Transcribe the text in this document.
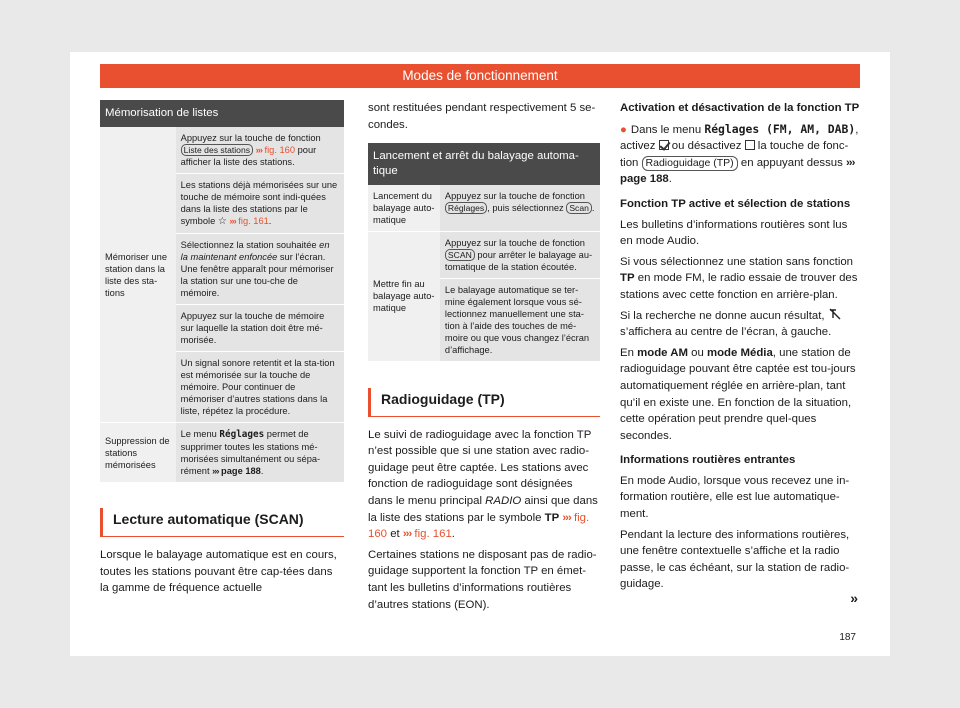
Modes de fonctionnement
Mémorisation de listes	
Mémoriser une station dans la liste des sta-tions	Appuyez sur la touche de fonction Liste des stations ››› fig. 160 pour afficher la liste des stations.
	Les stations déjà mémorisées sur une touche de mémoire sont indi-quées dans la liste des stations par le symbole ☆ ››› fig. 161.
	Sélectionnez la station souhaitée en la maintenant enfoncée sur l’écran. Une fenêtre apparaît pour mémoriser la station sur une tou-che de mémoire.
	Appuyez sur la touche de mémoire sur laquelle la station doit être mé-morisée.
	Un signal sonore retentit et la sta-tion est mémorisée sur la touche de mémoire. Pour continuer de mémoriser d’autres stations dans la liste, répétez la procédure.
Suppression de stations mémorisées	Le menu Réglages permet de supprimer toutes les stations mé-morisées simultanément ou sépa-rément ››› page 188.
Lecture automatique (SCAN)

Lorsque le balayage automatique est en cours, toutes les stations pouvant être cap-tées dans la gamme de fréquence actuelle

sont restituées pendant respectivement 5 se-condes.

Lancement et arrêt du balayage automa-tique	
Lancement du balayage auto-matique	Appuyez sur la touche de fonction Réglages , puis sélectionnez Scan .
Mettre fin au balayage auto-matique	Appuyez sur la touche de fonction SCAN pour arrêter le balayage au-tomatique de la station écoutée.
	Le balayage automatique se ter-mine également lorsque vous sé-lectionnez manuellement une sta-tion à l’aide des touches de mé-moire ou que vous changez l’écran d’affichage.
Radioguidage (TP)

Le suivi de radioguidage avec la fonction TP n’est possible que si une station avec radio-guidage peut être captée. Les stations avec fonction de radioguidage sont désignées dans le menu principal RADIO ainsi que dans la liste des stations par le symbole TP ››› fig. 160 et ››› fig. 161.

Certaines stations ne disposant pas de radio-guidage supportent la fonction TP en émet-tant les bulletins d’informations routières d’autres stations (EON).

Activation et désactivation de la fonction TP

● Dans le menu Réglages (FM, AM, DAB), activez ou désactivez la touche de fonc-tion Radioguidage (TP) en appuyant dessus ››› page 188.

Fonction TP active et sélection de stations

Les bulletins d’informations routières sont lus en mode Audio.

Si vous sélectionnez une station sans fonction TP en mode FM, le radio essaie de trouver des stations avec cette fonction en arrière-plan.

Si la recherche ne donne aucun résultat,  s’affichera au centre de l’écran, à gauche.

En mode AM ou mode Média, une station de radioguidage pouvant être captée est tou-jours automatiquement réglée en arrière-plan, tant qu’il en existe une. En fonction de la situation, cette opération peut prendre quel-ques secondes.

Informations routières entrantes

En mode Audio, lorsque vous recevez une in-formation routière, elle est lue automatique-ment.

Pendant la lecture des informations routières, une fenêtre contextuelle s’affiche et la radio passe, le cas échéant, sur la station de radio-guidage.

»
187
